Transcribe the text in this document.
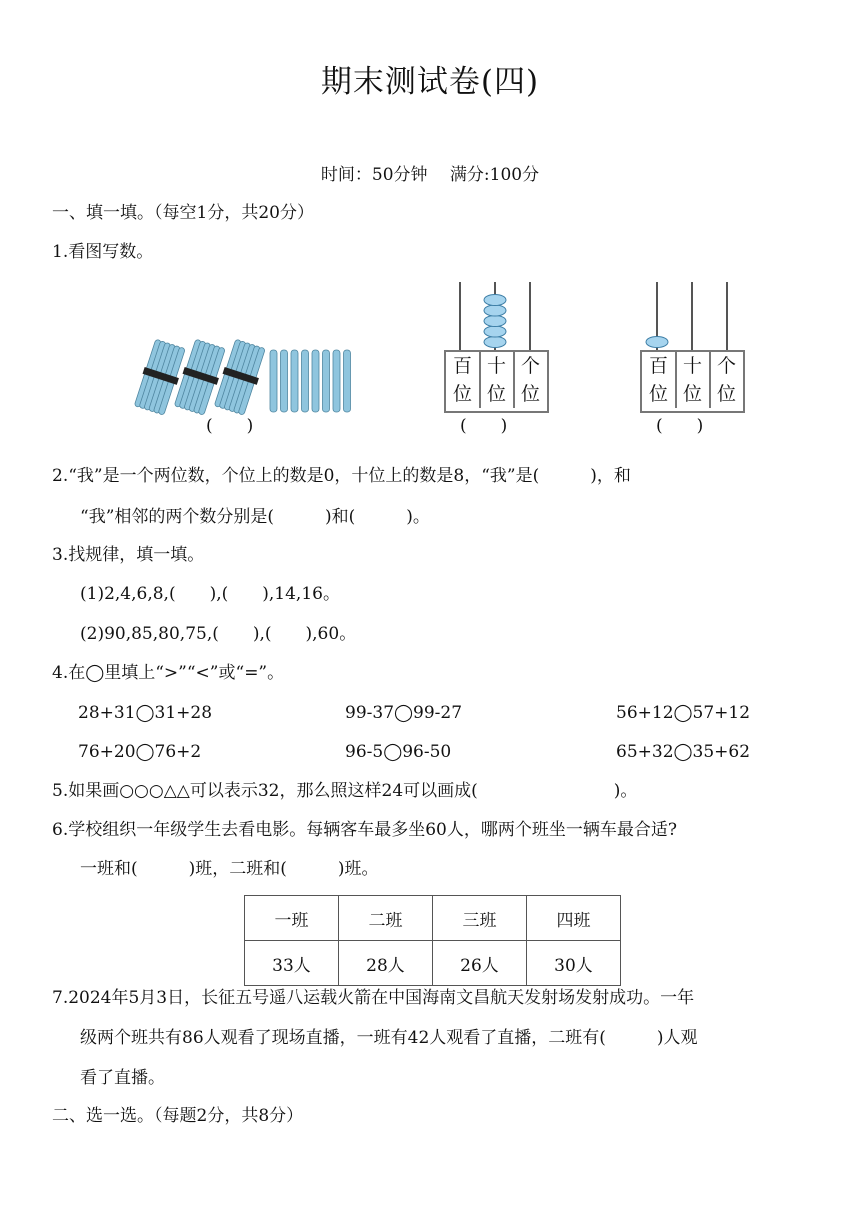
期末测试卷(四)
时间：50分钟　 满分:100分
一、填一填。（每空1分，共20分）
1.看图写数。
(　　)
百
位
十
位
个
位
(　　)
百
位
十
位
个
位
(　　)
2.“我”是一个两位数，个位上的数是0，十位上的数是8，“我”是(　　　)，和
“我”相邻的两个数分别是(　　　)和(　　　)。
3.找规律，填一填。
(1)2,4,6,8,(　　),(　　),14,16。
(2)90,85,80,75,(　　),(　　),60。
4.在◯里填上“>”“<”或“=”。
28+31◯31+28	99-37◯99-27	56+12◯57+12
76+20◯76+2	96-5◯96-50	65+32◯35+62
5.如果画○○○△△可以表示32，那么照这样24可以画成(　　　　　　　　)。
6.学校组织一年级学生去看电影。每辆客车最多坐60人，哪两个班坐一辆车最合适?
一班和(　　　)班，二班和(　　　)班。
一班	二班	三班	四班
33人	28人	26人	30人
7.2024年5月3日，长征五号遥八运载火箭在中国海南文昌航天发射场发射成功。一年
级两个班共有86人观看了现场直播，一班有42人观看了直播，二班有(　　　)人观
看了直播。
二、选一选。（每题2分，共8分）
